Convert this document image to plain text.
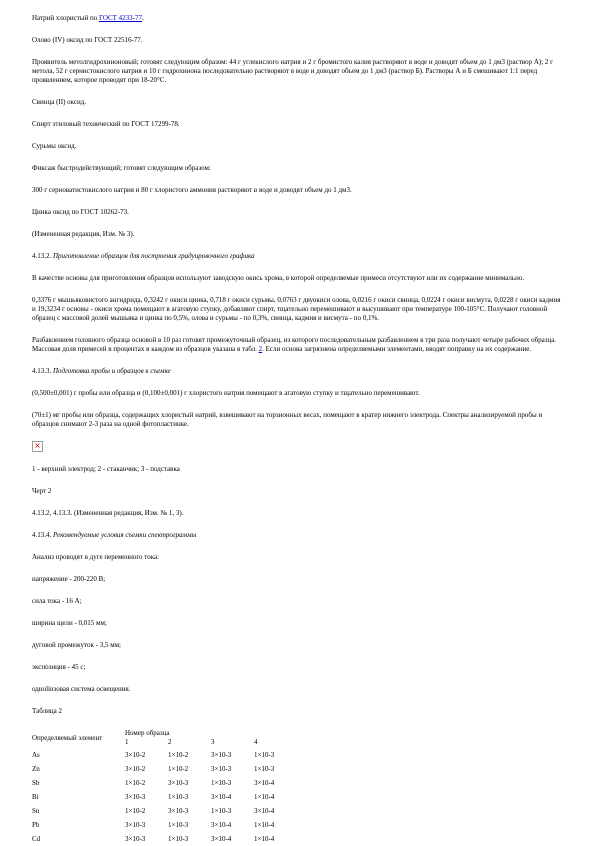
Натрий хлористый по ГОСТ 4233-77.

Олово (IV) оксид по ГОСТ 22516-77.

Проявитель метолгидрохиноновый; готовят следующим образом: 44 г углекислого натрия и 2 г бромистого калия растворяют в воде и доводят объем до 1 дм3 (раствор А); 2 г метола, 52 г сернистокислого натрия и 10 г гидрохинона последовательно растворяют в воде и доводят объем до 1 дм3 (раствор Б). Растворы А и Б смешивают 1:1 перед проявлением, которое проводят при 18-20°С.

Свинца (II) оксид.

Спирт этиловый технический по ГОСТ 17299-78.

Сурьмы оксид.

Фиксаж быстродействующий; готовят следующим образом:

300 г серноватистокислого натрия и 80 г хлористого аммония растворяют в воде и доводят объем до 1 дм3.

Цинка оксид по ГОСТ 10262-73.

(Измененная редакция, Изм. № 3).

4.13.2. Приготовление образцов для построения градуировочного графика

В качестве основы для приготовления образцов используют заводскую окись хрома, в которой определяемые примеси отсутствуют или их содержание минимально.

0,3376 г мышьяковистого ангидрида, 0,3242 г окиси цинка, 0,718 г окиси сурьмы, 0,0763 г двуокиси олова, 0,0216 г окиси свинца, 0,0224 г окиси висмута, 0,0228 г окиси кадмия и 19,3234 г основы - окиси хрома помещают в агатовую ступку, добавляют спирт, тщательно перемешивают и высушивают при температуре 100-105°С. Получают головной образец с массовой долей мышьяка и цинка по 0,5%, олова и сурьмы - по 0,3%, свинца, кадмия и висмута - по 0,1%.

Разбавлением головного образца основой в 10 раз готовят промежуточный образец, из которого последовательным разбавлением в три раза получают четыре рабочих образца. Массовая доля примесей в процентах в каждом из образцов указана в табл. 2. Если основа загрязнена определяемыми элементами, вводят поправку на их содержание.

4.13.3. Подготовка пробы и образцов к съемке

(0,500±0,001) г пробы или образца и (0,100±0,001) г хлористого натрия помещают в агатовую ступку и тщательно перемешивают.

(70±1) мг пробы или образца, содержащих хлористый натрий, взвешивают на торзионных весах, помещают в кратер нижнего электрода. Спектры анализируемой пробы и образцов снимают 2-3 раза на одной фотопластинке.

×

1 - верхний электрод; 2 - стаканчик; 3 - подставка

Черт 2

4.13.2, 4.13.3. (Измененная редакция, Изм. № 1, 3).

4.13.4. Рекомендуемые условия съемки спектрограммы

Анализ проводят в дуге переменного тока:

напряжение - 200-220 В;

сила тока - 16 А;

ширина щели - 0,015 мм;

дуговой промежуток - 3,5 мм;

экспозиция - 45 с;

одноlinзовая система освещения.

Таблица 2

Определяемый элемент	Номер образца			
	1	2	3	4
As	3×10-2	1×10-2	3×10-3	1×10-3
Zn	3×10-2	1×10-2	3×10-3	1×10-3
Sb	1×10-2	3×10-3	1×10-3	3×10-4
Bi	3×10-3	1×10-3	3×10-4	1×10-4
Sn	1×10-2	3×10-3	1×10-3	3×10-4
Pb	3×10-3	1×10-3	3×10-4	1×10-4
Cd	3×10-3	1×10-3	3×10-4	1×10-4
